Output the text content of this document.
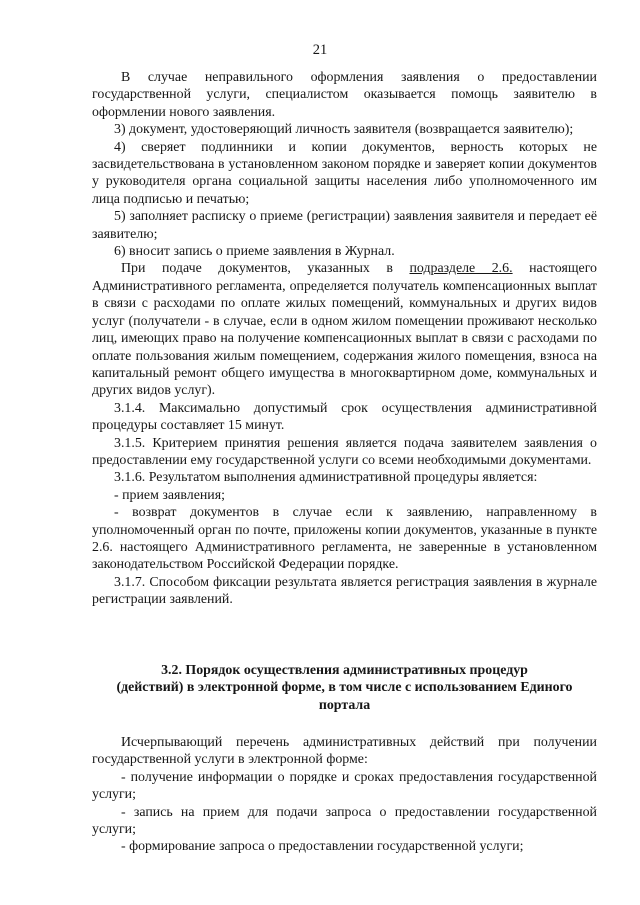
21

В случае неправильного оформления заявления о предоставлении государственной услуги, специалистом оказывается помощь заявителю в оформлении нового заявления.

3) документ, удостоверяющий личность заявителя (возвращается заявителю);

4) сверяет подлинники и копии документов, верность которых не засвидетельствована в установленном законом порядке и заверяет копии документов у руководителя органа социальной защиты населения либо уполномоченного им лица подписью и печатью;

5) заполняет расписку о приеме (регистрации) заявления заявителя и передает её заявителю;

6) вносит запись о приеме заявления в Журнал.

При подаче документов, указанных в подразделе 2.6. настоящего Административного регламента, определяется получатель компенсационных выплат в связи с расходами по оплате жилых помещений, коммунальных и других видов услуг (получатели - в случае, если в одном жилом помещении проживают несколько лиц, имеющих право на получение компенсационных выплат в связи с расходами по оплате пользования жилым помещением, содержания жилого помещения, взноса на капитальный ремонт общего имущества в многоквартирном доме, коммунальных и других видов услуг).

3.1.4. Максимально допустимый срок осуществления административной процедуры составляет 15 минут.

3.1.5. Критерием принятия решения является подача заявителем заявления о предоставлении ему государственной услуги со всеми необходимыми документами.

3.1.6. Результатом выполнения административной процедуры является:

- прием заявления;

- возврат документов в случае если к заявлению, направленному в уполномоченный орган по почте, приложены копии документов, указанные в пункте 2.6. настоящего Административного регламента, не заверенные в установленном законодательством Российской Федерации порядке.

3.1.7. Способом фиксации результата является регистрация заявления в журнале регистрации заявлений.

3.2. Порядок осуществления административных процедур
(действий) в электронной форме, в том числе с использованием Единого
портала

Исчерпывающий перечень административных действий при получении государственной услуги в электронной форме:

- получение информации о порядке и сроках предоставления государственной услуги;

- запись на прием для подачи запроса о предоставлении государственной услуги;

- формирование запроса о предоставлении государственной услуги;
